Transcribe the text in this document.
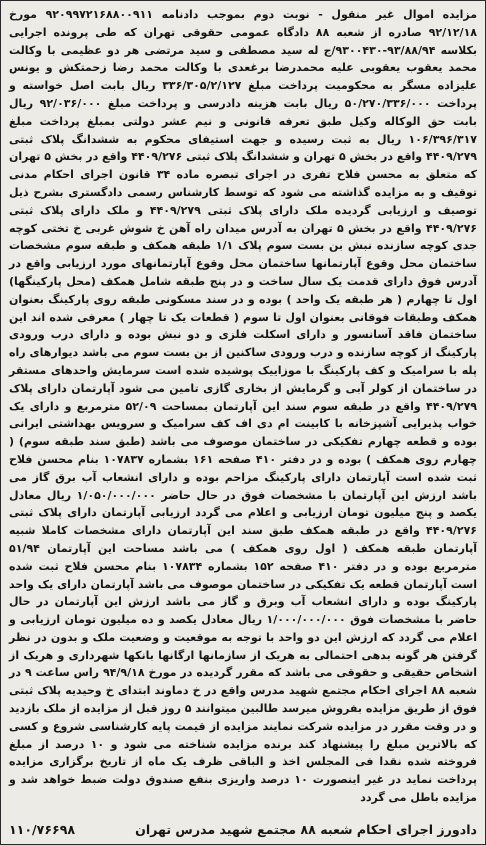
مزایده اموال غیر منقول - نوبت دوم بموجب دادنامه ۹۲۰۹۹۷۲۱۶۸۸۰۰۹۱۱ مورخ ۹۲/۱۲/۱۸ صادره از شعبه ۸۸ دادگاه عمومی حقوقی تهران که طی پرونده اجرایی بکلاسه ۹۳/۸۸/۹۴-۹۳۰۰۴۳۰/ج له سید مصطفی و سید مرتضی هر دو عظیمی با وکالت محمد یعقوب یعقوبی علیه محمدرضا برغعدی با وکالت محمد رضا زحمتکش و یونس علیزاده مسگر به محکومیت پرداخت مبلغ ۳۳۶/۳۰۵/۲/۱۲۷ ریال بابت اصل خواسته و پرداخت ۵۰/۲۷۰/۳۳۶/۰۰۰ ریال بابت هزینه دادرسی و پرداخت مبلغ ۹۲/۰۳۶/۰۰۰ ریال بابت حق الوکاله وکیل طبق تعرفه قانونی و نیم عشر دولتی بمبلغ پرداخت مبلغ ۱۰۶/۳۹۶/۳۱۷ ریال به ثبت رسیده و جهت استیفای محکوم به ششدانگ پلاک ثبتی ۴۴۰۹/۲۷۹ واقع در بخش ۵ تهران و ششدانگ پلاک ثبتی ۴۴۰۹/۲۷۶ واقع در بخش ۵ تهران که متعلق به محسن فلاح تفری در اجرای تبصره ماده ۳۴ قانون اجرای احکام مدنی توقیف و به مزایده گذاشته می شود که توسط کارشناس رسمی دادگستری بشرح ذیل توصیف و ارزیابی گردیده ملک دارای پلاک ثبتی ۴۴۰۹/۲۷۹ و ملک دارای پلاک ثبتی ۴۴۰۹/۲۷۶ واقع در بخش ۵ تهران به آدرس میدان راه آهن خ شوش غربی خ تختی کوچه جدی کوچه سازنده نبش بن بست سوم پلاک ۱/۱ طبقه همکف و طبقه سوم مشخصات ساختمان محل وقوع آپارتمانها ساختمان محل وقوع آپارتمانهای مورد ارزیابی واقع در آدرس فوق دارای قدمت یک سال ساخت و در پنج طبقه شامل همکف (محل پارکینگها) اول تا چهارم ( هر طبقه یک واحد ) بوده و در سند مسکونی طبقه روی پارکینگ بعنوان همکف وطبقات فوقانی بعنوان اول تا سوم ( قطعات یک تا چهار ) معرفی شده اند این ساختمان فاقد آسانسور و دارای اسکلت فلزی و دو نبش بوده و دارای درب ورودی پارکینگ از کوچه سازنده و درب ورودی ساکنین از بن بست سوم می باشد دیوارهای راه پله با سرامیک و کف پارکینگ با موزاییک پوشیده شده است سرمایش واحدهای مستقر در ساختمان از کولر آبی و گرمایش از بخاری گازی تامین می شود آپارتمان دارای پلاک ۴۴۰۹/۲۷۹ واقع در طبقه سوم سند این آپارتمان بمساحت ۵۲/۰۹ مترمربع و دارای یک خواب پذیرایی آشپزخانه با کابینت ام دی اف کف سرامیک و سرویس بهداشتی ایرانی بوده و قطعه چهارم تفکیکی در ساختمان موصوف می باشد (طبق سند طبقه سوم) ( چهارم روی همکف ) بوده و در دفتر ۴۱۰ صفحه ۱۶۱ بشماره ۱۰۷۸۳۷ بنام محسن فلاح ثبت شده است آپارتمان دارای پارکینگ مزاحم بوده و دارای انشعاب آب برق گاز می باشد ارزش این آپارتمان با مشخصات فوق در حال حاضر ۱/۰۵۰/۰۰۰/۰۰۰ ریال معادل یکصد و پنج میلیون تومان ارزیابی و اعلام می گردد ارزیابی آپارتمان دارای پلاک ثبتی ۴۴۰۹/۲۷۶ واقع در طبقه همکف طبق سند این آپارتمان دارای مشخصات کاملا شبیه آپارتمان طبقه همکف ( اول روی همکف ) می باشد مساحت این آپارتمان ۵۱/۹۴ مترمربع بوده و در دفتر ۴۱۰ صفحه ۱۵۲ بشماره ۱۰۷۸۳۴ بنام محسن فلاح ثبت شده است آپارتمان قطعه یک تفکیکی در ساختمان موصوف می باشد آپارتمان دارای یک واحد پارکینگ بوده و دارای انشعاب آب وبرق و گاز می باشد ارزش این آپارتمان در حال حاضر با مشخصات فوق ۱/۰۰۰/۰۰۰/۰۰۰ ریال معادل یکصد و ده میلیون تومان ارزیابی و اعلام می گردد که ارزش این دو واحد با توجه به موقعیت و وضعیت ملک و بدون در نظر گرفتن هر گونه بدهی احتمالی به هریک از سازمانها ارگانها بانکها شهرداری و هریک از اشخاص حقیقی و حقوقی می باشد که مقرر گردیده در مورخ ۹۴/۹/۱۸ راس ساعت ۹ در شعبه ۸۸ اجرای احکام مجتمع شهید مدرس واقع در خ دماوند ابتدای خ وحیدیه پلاک ثبتی فوق از طریق مزایده بفروش میرسد طالبین میتوانند ۵ روز قبل از مزایده از ملک بازدید و در وقت مقرر در مزایده شرکت نمایند مزایده از قیمت پایه کارشناسی شروع و کسی که بالاترین مبلغ را پیشنهاد کند برنده مزایده شناخته می شود و ۱۰ درصد از مبلغ فروخته شده نقدا فی المجلس اخذ و الباقی ظرف یک ماه از تاریخ برگزاری مزایده پرداخت نماید در غیر اینصورت ۱۰ درصد واریزی بنفع صندوق دولت ضبط خواهد شد و مزایده باطل می گردد

دادورز اجرای احکام شعبه ۸۸ مجتمع شهید مدرس تهران
۱۱۰/۷۶۶۹۸
